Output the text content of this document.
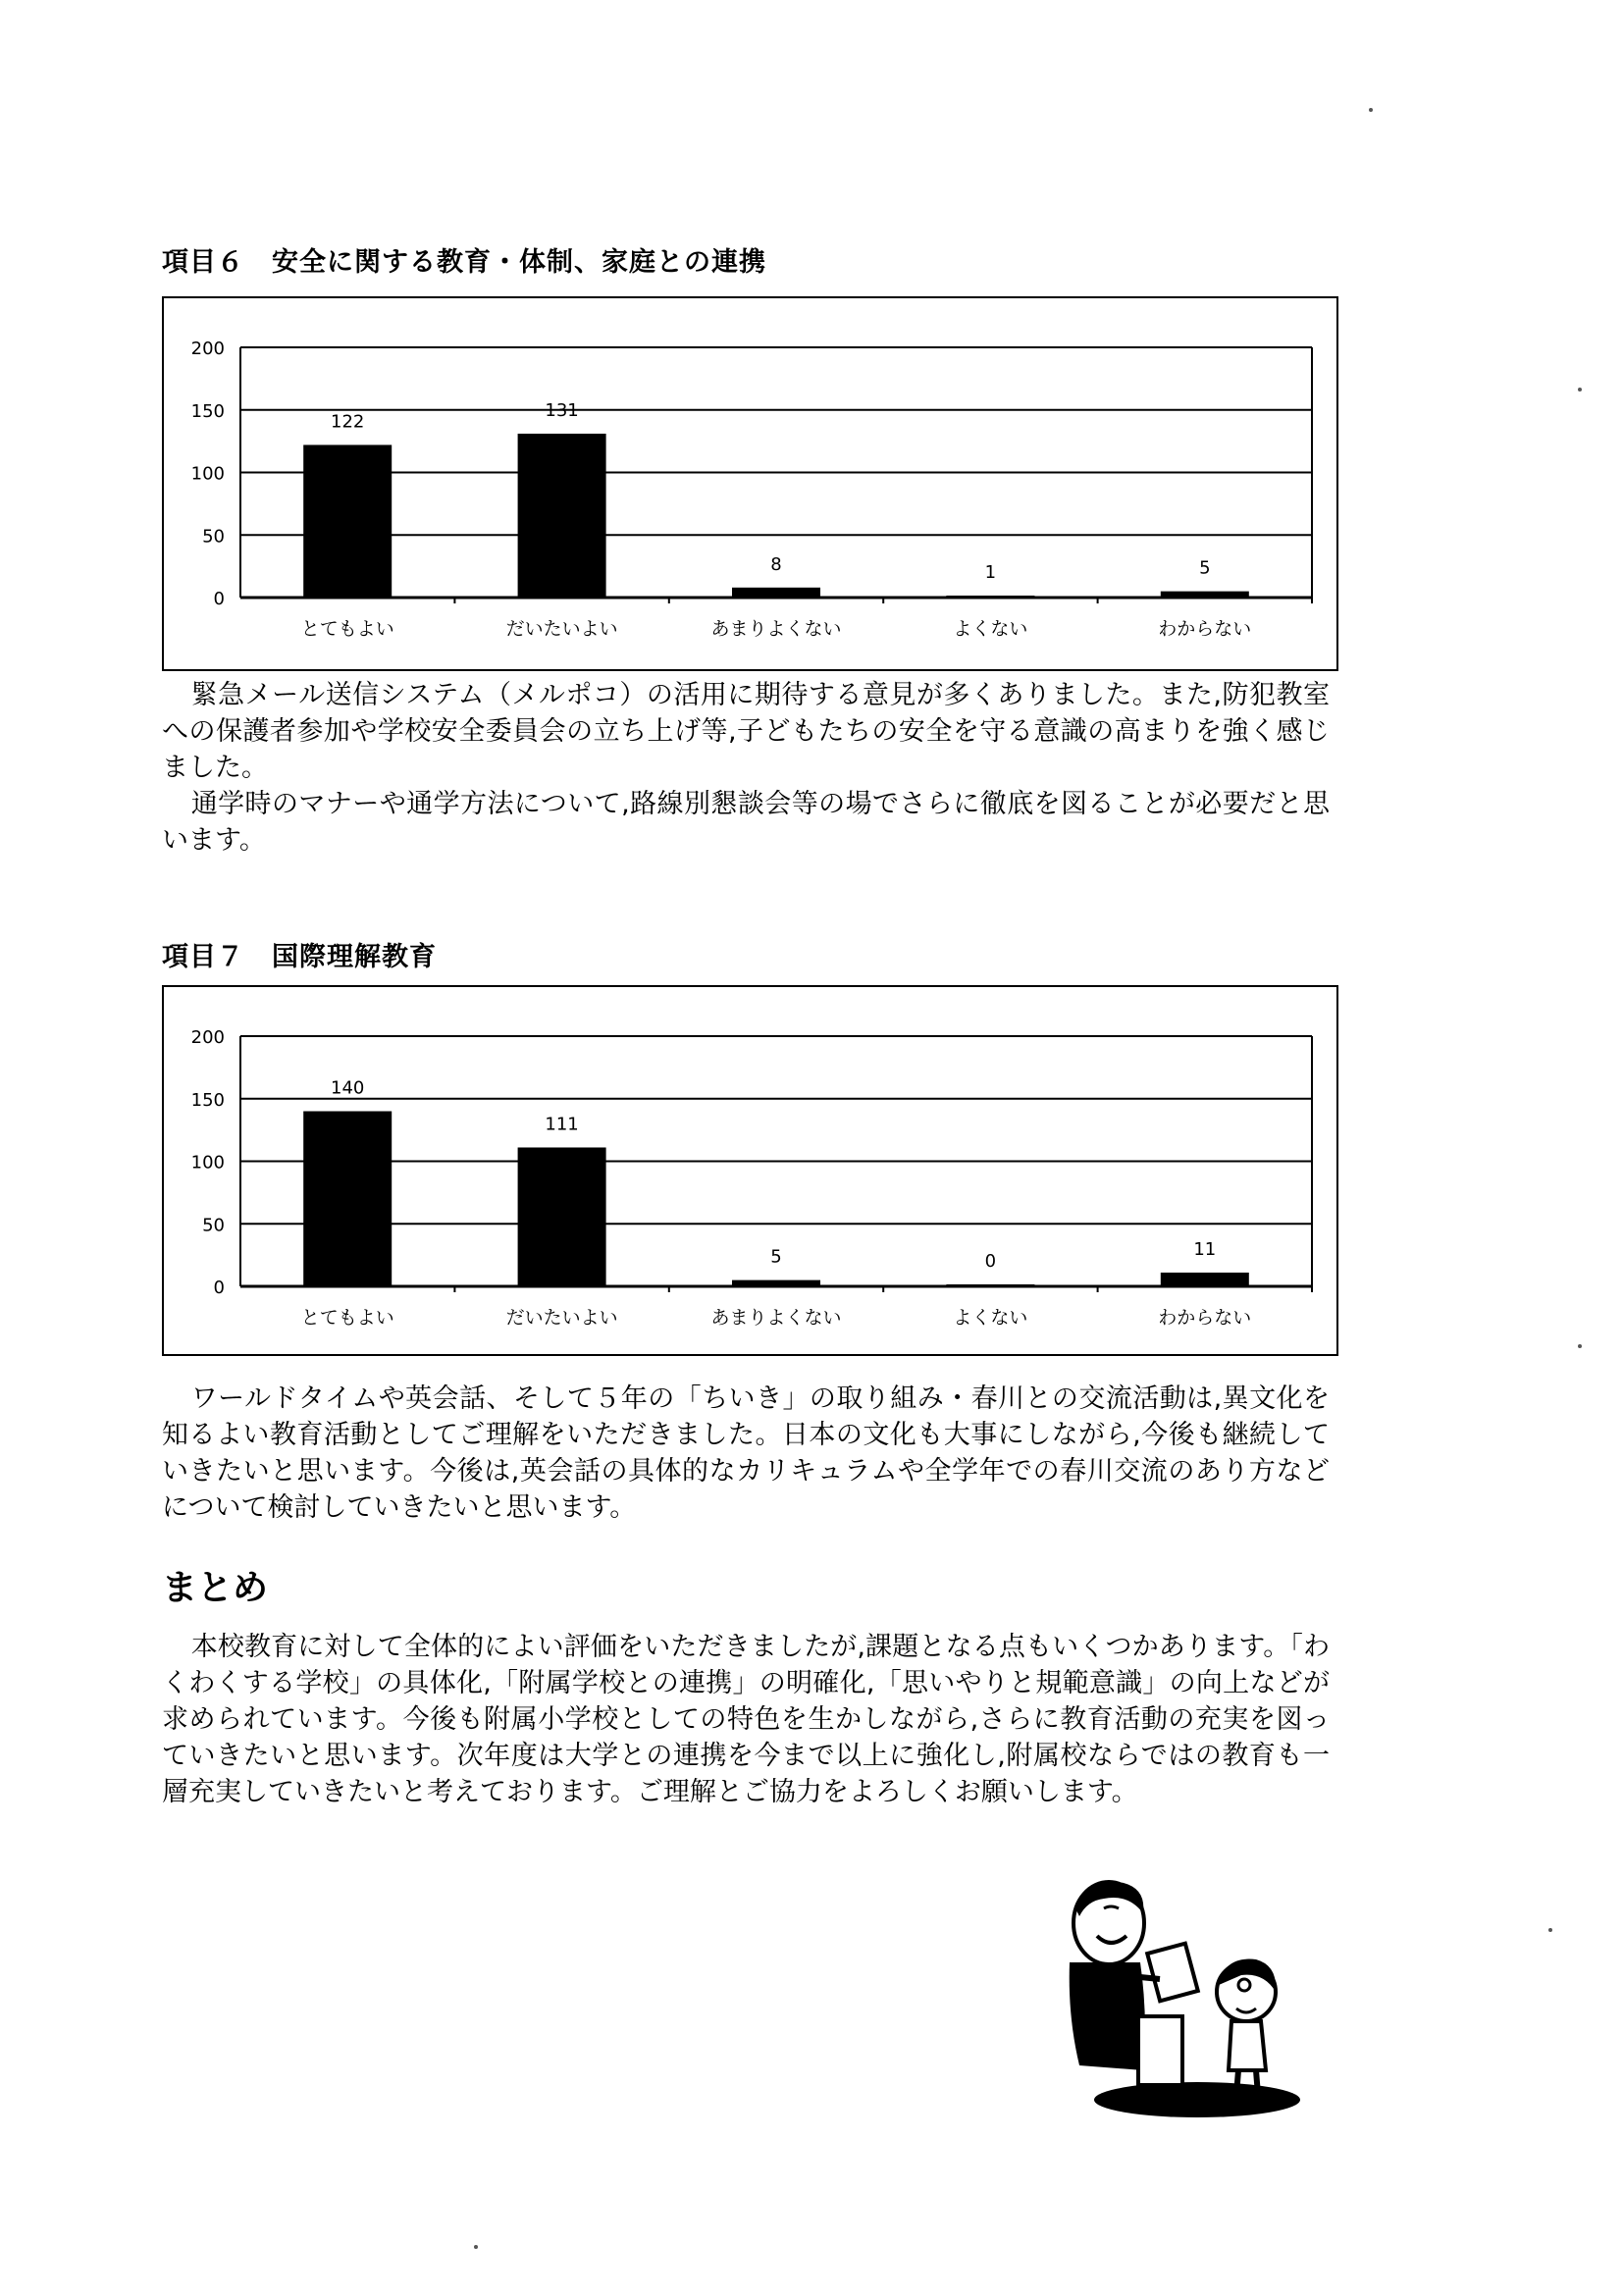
項目６　安全に関する教育・体制、家庭との連携
0
50
100
150
200
122
とてもよい
131
だいたいよい
8
あまりよくない
1
よくない
5
わからない

緊急メール送信システム（メルポコ）の活用に期待する意見が多くありました。また,防犯教室への保護者参加や学校安全委員会の立ち上げ等,子どもたちの安全を守る意識の高まりを強く感じました。

通学時のマナーや通学方法について,路線別懇談会等の場でさらに徹底を図ることが必要だと思います。

項目７　国際理解教育
0
50
100
150
200
140
とてもよい
111
だいたいよい
5
あまりよくない
0
よくない
11
わからない

ワールドタイムや英会話、そして５年の「ちいき」の取り組み・春川との交流活動は,異文化を知るよい教育活動としてご理解をいただきました。日本の文化も大事にしながら,今後も継続していきたいと思います。今後は,英会話の具体的なカリキュラムや全学年での春川交流のあり方などについて検討していきたいと思います。

まとめ

本校教育に対して全体的によい評価をいただきましたが,課題となる点もいくつかあります。「わくわくする学校」の具体化,「附属学校との連携」の明確化,「思いやりと規範意識」の向上などが求められています。今後も附属小学校としての特色を生かしながら,さらに教育活動の充実を図っていきたいと思います。次年度は大学との連携を今まで以上に強化し,附属校ならではの教育も一層充実していきたいと考えております。ご理解とご協力をよろしくお願いします。
